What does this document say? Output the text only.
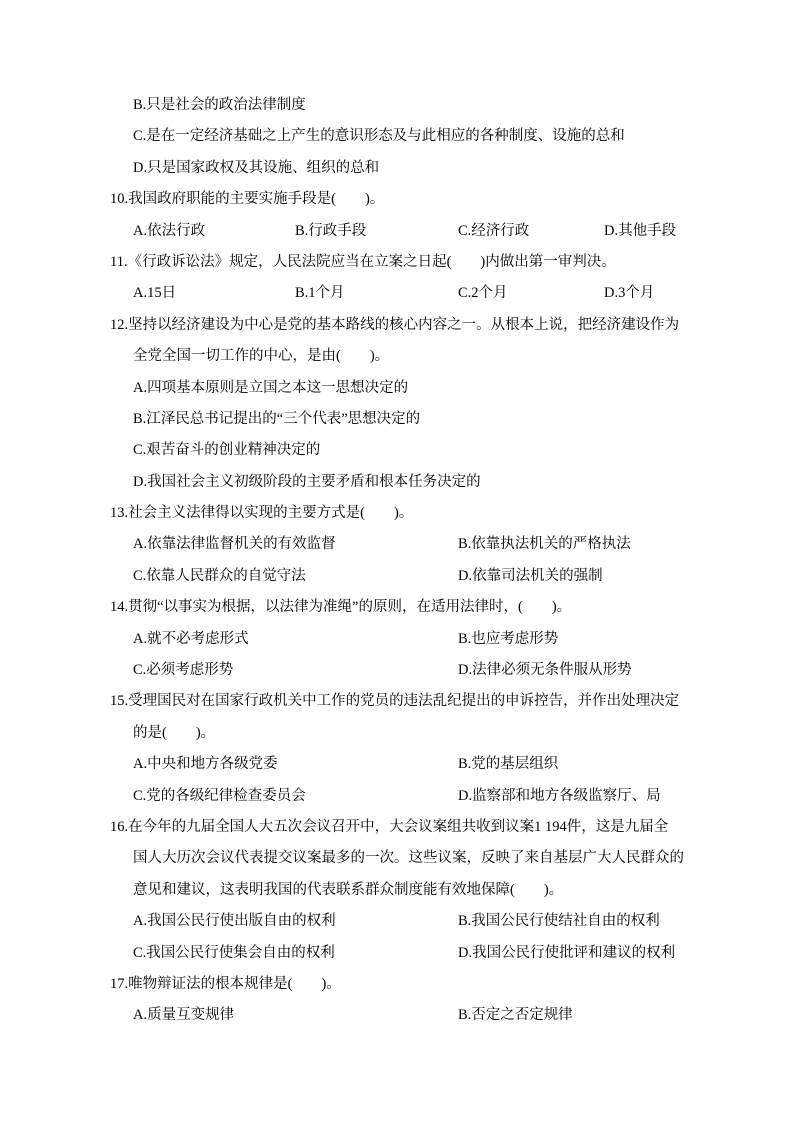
B.只是社会的政治法律制度
C.是在一定经济基础之上产生的意识形态及与此相应的各种制度、设施的总和
D.只是国家政权及其设施、组织的总和
10.我国政府职能的主要实施手段是(　　)。
A.依法行政	B.行政手段	C.经济行政	D.其他手段
11.《行政诉讼法》规定，人民法院应当在立案之日起(　　)内做出第一审判决。
A.15日	B.1个月	C.2个月	D.3个月
12.坚持以经济建设为中心是党的基本路线的核心内容之一。从根本上说，把经济建设作为
全党全国一切工作的中心，是由(　　)。
A.四项基本原则是立国之本这一思想决定的
B.江泽民总书记提出的“三个代表”思想决定的
C.艰苦奋斗的创业精神决定的
D.我国社会主义初级阶段的主要矛盾和根本任务决定的
13.社会主义法律得以实现的主要方式是(　　)。
A.依靠法律监督机关的有效监督	B.依靠执法机关的严格执法
C.依靠人民群众的自觉守法	D.依靠司法机关的强制
14.贯彻“以事实为根据，以法律为准绳”的原则，在适用法律时，(　　)。
A.就不必考虑形式	B.也应考虑形势
C.必须考虑形势	D.法律必须无条件服从形势
15.受理国民对在国家行政机关中工作的党员的违法乱纪提出的申诉控告，并作出处理决定
的是(　　)。
A.中央和地方各级党委	B.党的基层组织
C.党的各级纪律检查委员会	D.监察部和地方各级监察厅、局
16.在今年的九届全国人大五次会议召开中，大会议案组共收到议案1 194件，这是九届全
国人大历次会议代表提交议案最多的一次。这些议案，反映了来自基层广大人民群众的
意见和建议，这表明我国的代表联系群众制度能有效地保障(　　)。
A.我国公民行使出版自由的权利	B.我国公民行使结社自由的权利
C.我国公民行使集会自由的权利	D.我国公民行使批评和建议的权利
17.唯物辩证法的根本规律是(　　)。
A.质量互变规律	B.否定之否定规律
